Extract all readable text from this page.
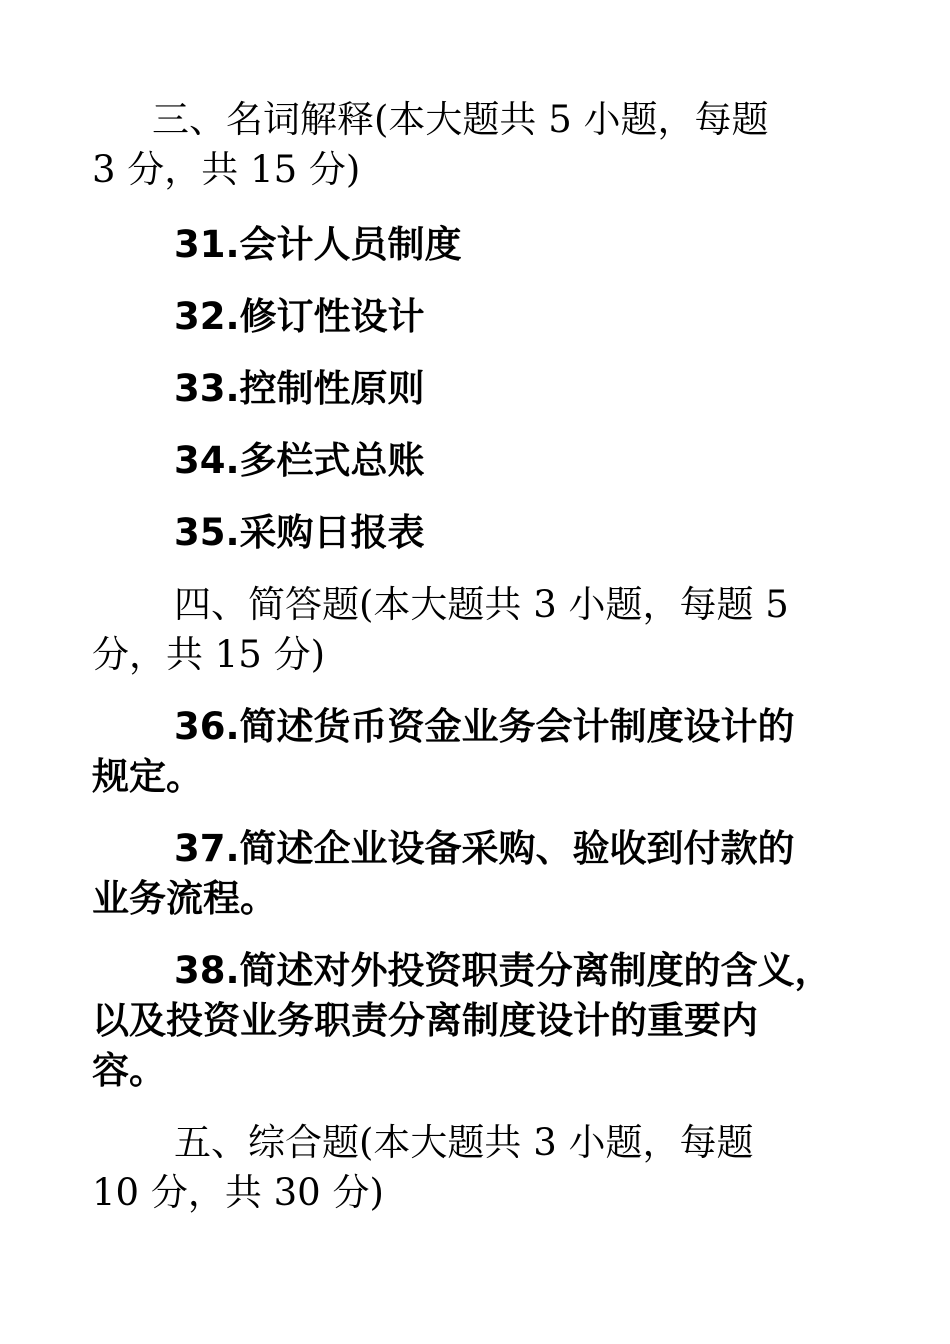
三、名词解释(本大题共 5 小题，每题

3 分，共 15 分)

31.会计人员制度

32.修订性设计

33.控制性原则

34.多栏式总账

35.采购日报表

四、简答题(本大题共 3 小题，每题 5

分，共 15 分)

36.简述货币资金业务会计制度设计的

规定。

37.简述企业设备采购、验收到付款的

业务流程。

38.简述对外投资职责分离制度的含义，

以及投资业务职责分离制度设计的重要内

容。

五、综合题(本大题共 3 小题，每题

10 分，共 30 分)
